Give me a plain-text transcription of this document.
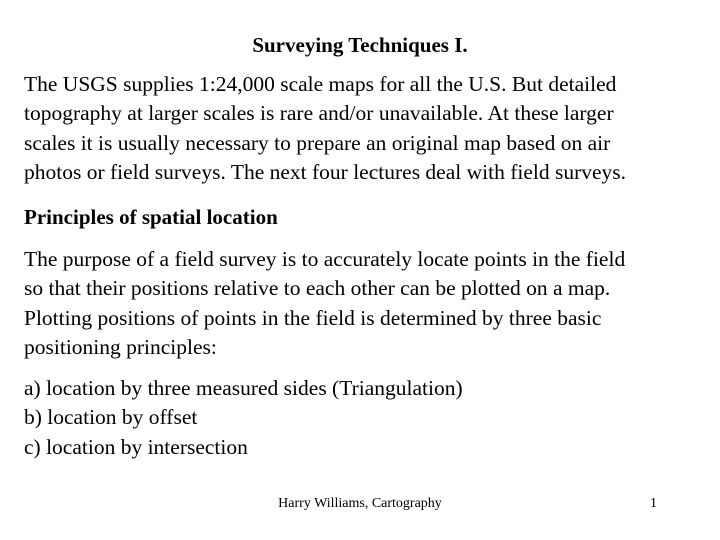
Surveying Techniques I.

The USGS supplies 1:24,000 scale maps for all the U.S. But detailed
topography at larger scales is rare and/or unavailable. At these larger
scales it is usually necessary to prepare an original map based on air
photos or field surveys. The next four lectures deal with field surveys.

Principles of spatial location

The purpose of a field survey is to accurately locate points in the field
so that their positions relative to each other can be plotted on a map.
Plotting positions of points in the field is determined by three basic
positioning principles:

a) location by three measured sides (Triangulation)
b) location by offset
c) location by intersection

Harry Williams, Cartography	1
